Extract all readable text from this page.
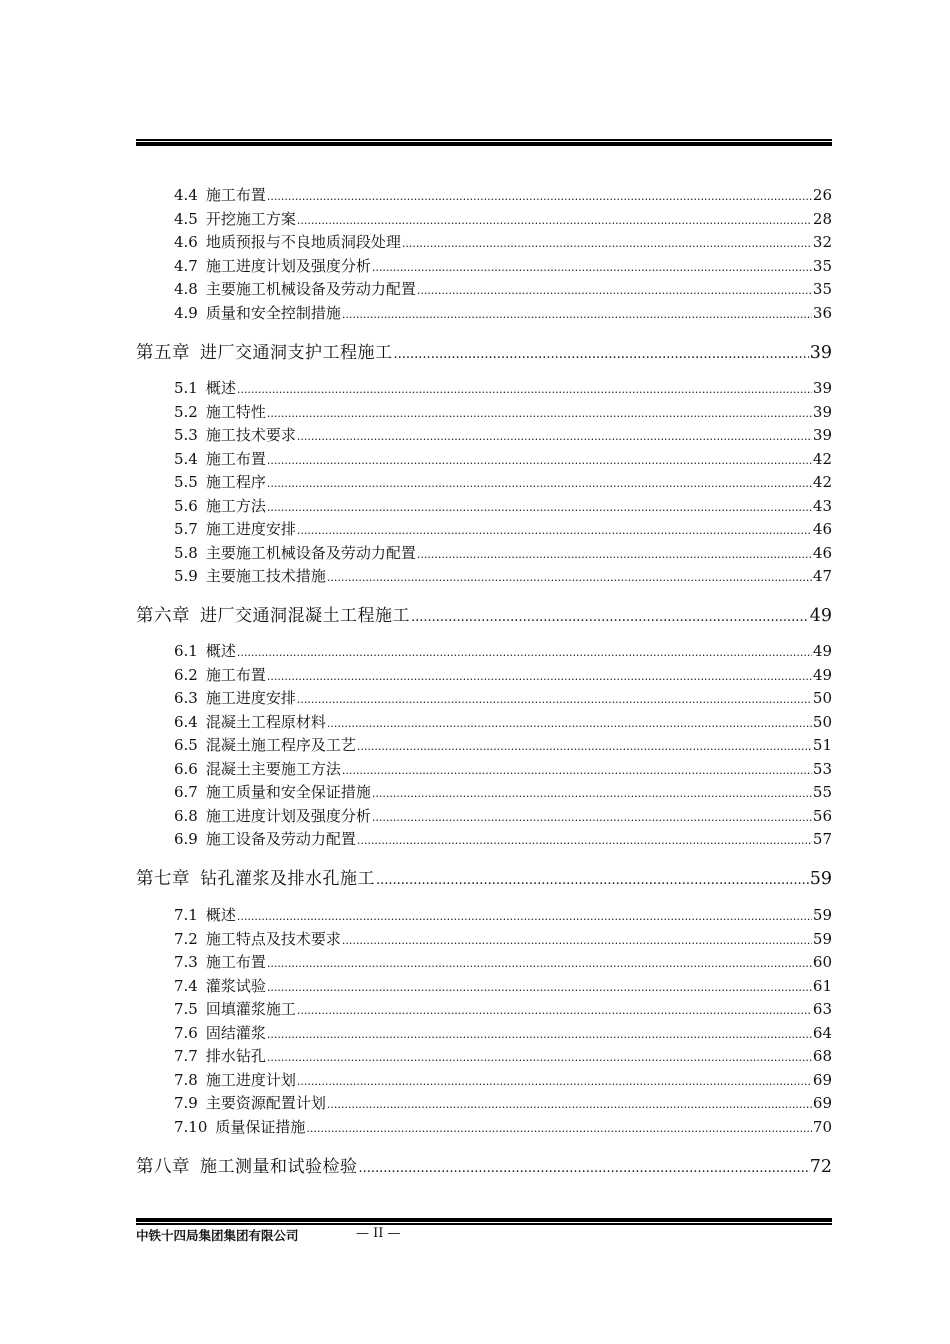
4.4 施工布置 .....	26
4.5 开挖施工方案 .....	28
4.6 地质预报与不良地质洞段处理 .....	32
4.7 施工进度计划及强度分析 .....	35
4.8 主要施工机械设备及劳动力配置 .....	35
4.9 质量和安全控制措施 .....	36
第五章 进厂交通洞支护工程施工 .....	39
5.1 概述 .....	39
5.2 施工特性 .....	39
5.3 施工技术要求 .....	39
5.4 施工布置 .....	42
5.5 施工程序 .....	42
5.6 施工方法 .....	43
5.7 施工进度安排 .....	46
5.8 主要施工机械设备及劳动力配置 .....	46
5.9 主要施工技术措施 .....	47
第六章 进厂交通洞混凝土工程施工 .....	49
6.1 概述 .....	49
6.2 施工布置 .....	49
6.3 施工进度安排 .....	50
6.4 混凝土工程原材料 .....	50
6.5 混凝土施工程序及工艺 .....	51
6.6 混凝土主要施工方法 .....	53
6.7 施工质量和安全保证措施 .....	55
6.8 施工进度计划及强度分析 .....	56
6.9 施工设备及劳动力配置 .....	57
第七章 钻孔灌浆及排水孔施工 .....	59
7.1 概述 .....	59
7.2 施工特点及技术要求 .....	59
7.3 施工布置 .....	60
7.4 灌浆试验 .....	61
7.5 回填灌浆施工 .....	63
7.6 固结灌浆 .....	64
7.7 排水钻孔 .....	68
7.8 施工进度计划 .....	69
7.9 主要资源配置计划 .....	69
7.10 质量保证措施 .....	70
第八章 施工测量和试验检验 .....	72
中铁十四局集团集团有限公司	— II —
